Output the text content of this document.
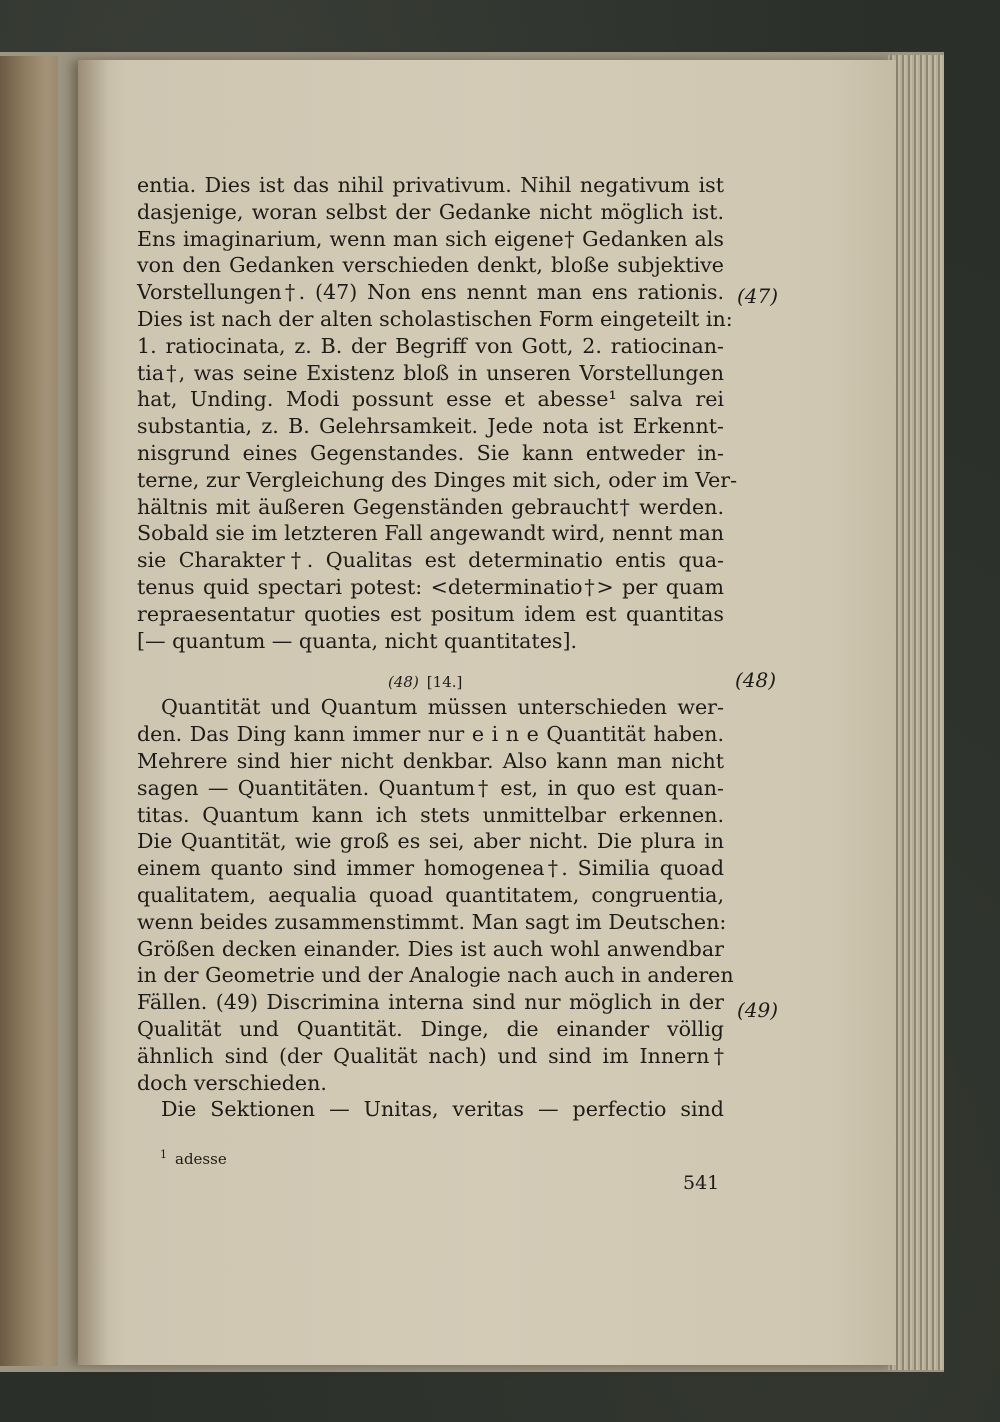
entia. Dies ist das nihil privativum. Nihil negativum ist
dasjenige, woran selbst der Gedanke nicht möglich ist.
Ens imaginarium, wenn man sich eigene† Gedanken als
von den Gedanken verschieden denkt, bloße subjektive
Vorstellungen†. (47) Non ens nennt man ens rationis.
Dies ist nach der alten scholastischen Form eingeteilt in:
1. ratiocinata, z. B. der Begriff von Gott, 2. ratiocinan-
tia†, was seine Existenz bloß in unseren Vorstellungen
hat, Unding. Modi possunt esse et abesse¹ salva rei
substantia, z. B. Gelehrsamkeit. Jede nota ist Erkennt-
nisgrund eines Gegenstandes. Sie kann entweder in-
terne, zur Vergleichung des Dinges mit sich, oder im Ver-
hältnis mit äußeren Gegenständen gebraucht† werden.
Sobald sie im letzteren Fall angewandt wird, nennt man
sie Charakter†. Qualitas est determinatio entis qua-
tenus quid spectari potest: <determinatio†> per quam
repraesentatur quoties est positum idem est quantitas
[— quantum — quanta, nicht quantitates].
Quantität und Quantum müssen unterschieden wer-
den. Das Ding kann immer nur e i n e Quantität haben.
Mehrere sind hier nicht denkbar. Also kann man nicht
sagen — Quantitäten. Quantum† est, in quo est quan-
titas. Quantum kann ich stets unmittelbar erkennen.
Die Quantität, wie groß es sei, aber nicht. Die plura in
einem quanto sind immer homogenea†. Similia quoad
qualitatem, aequalia quoad quantitatem, congruentia,
wenn beides zusammenstimmt. Man sagt im Deutschen:
Größen decken einander. Dies ist auch wohl anwendbar
in der Geometrie und der Analogie nach auch in anderen
Fällen. (49) Discrimina interna sind nur möglich in der
Qualität und Quantität. Dinge, die einander völlig
ähnlich sind (der Qualität nach) und sind im Innern†
doch verschieden.
Die Sektionen — Unitas, veritas — perfectio sind
(48) [14.]
(47)
(48)
(49)
$^1$ adesse
541
